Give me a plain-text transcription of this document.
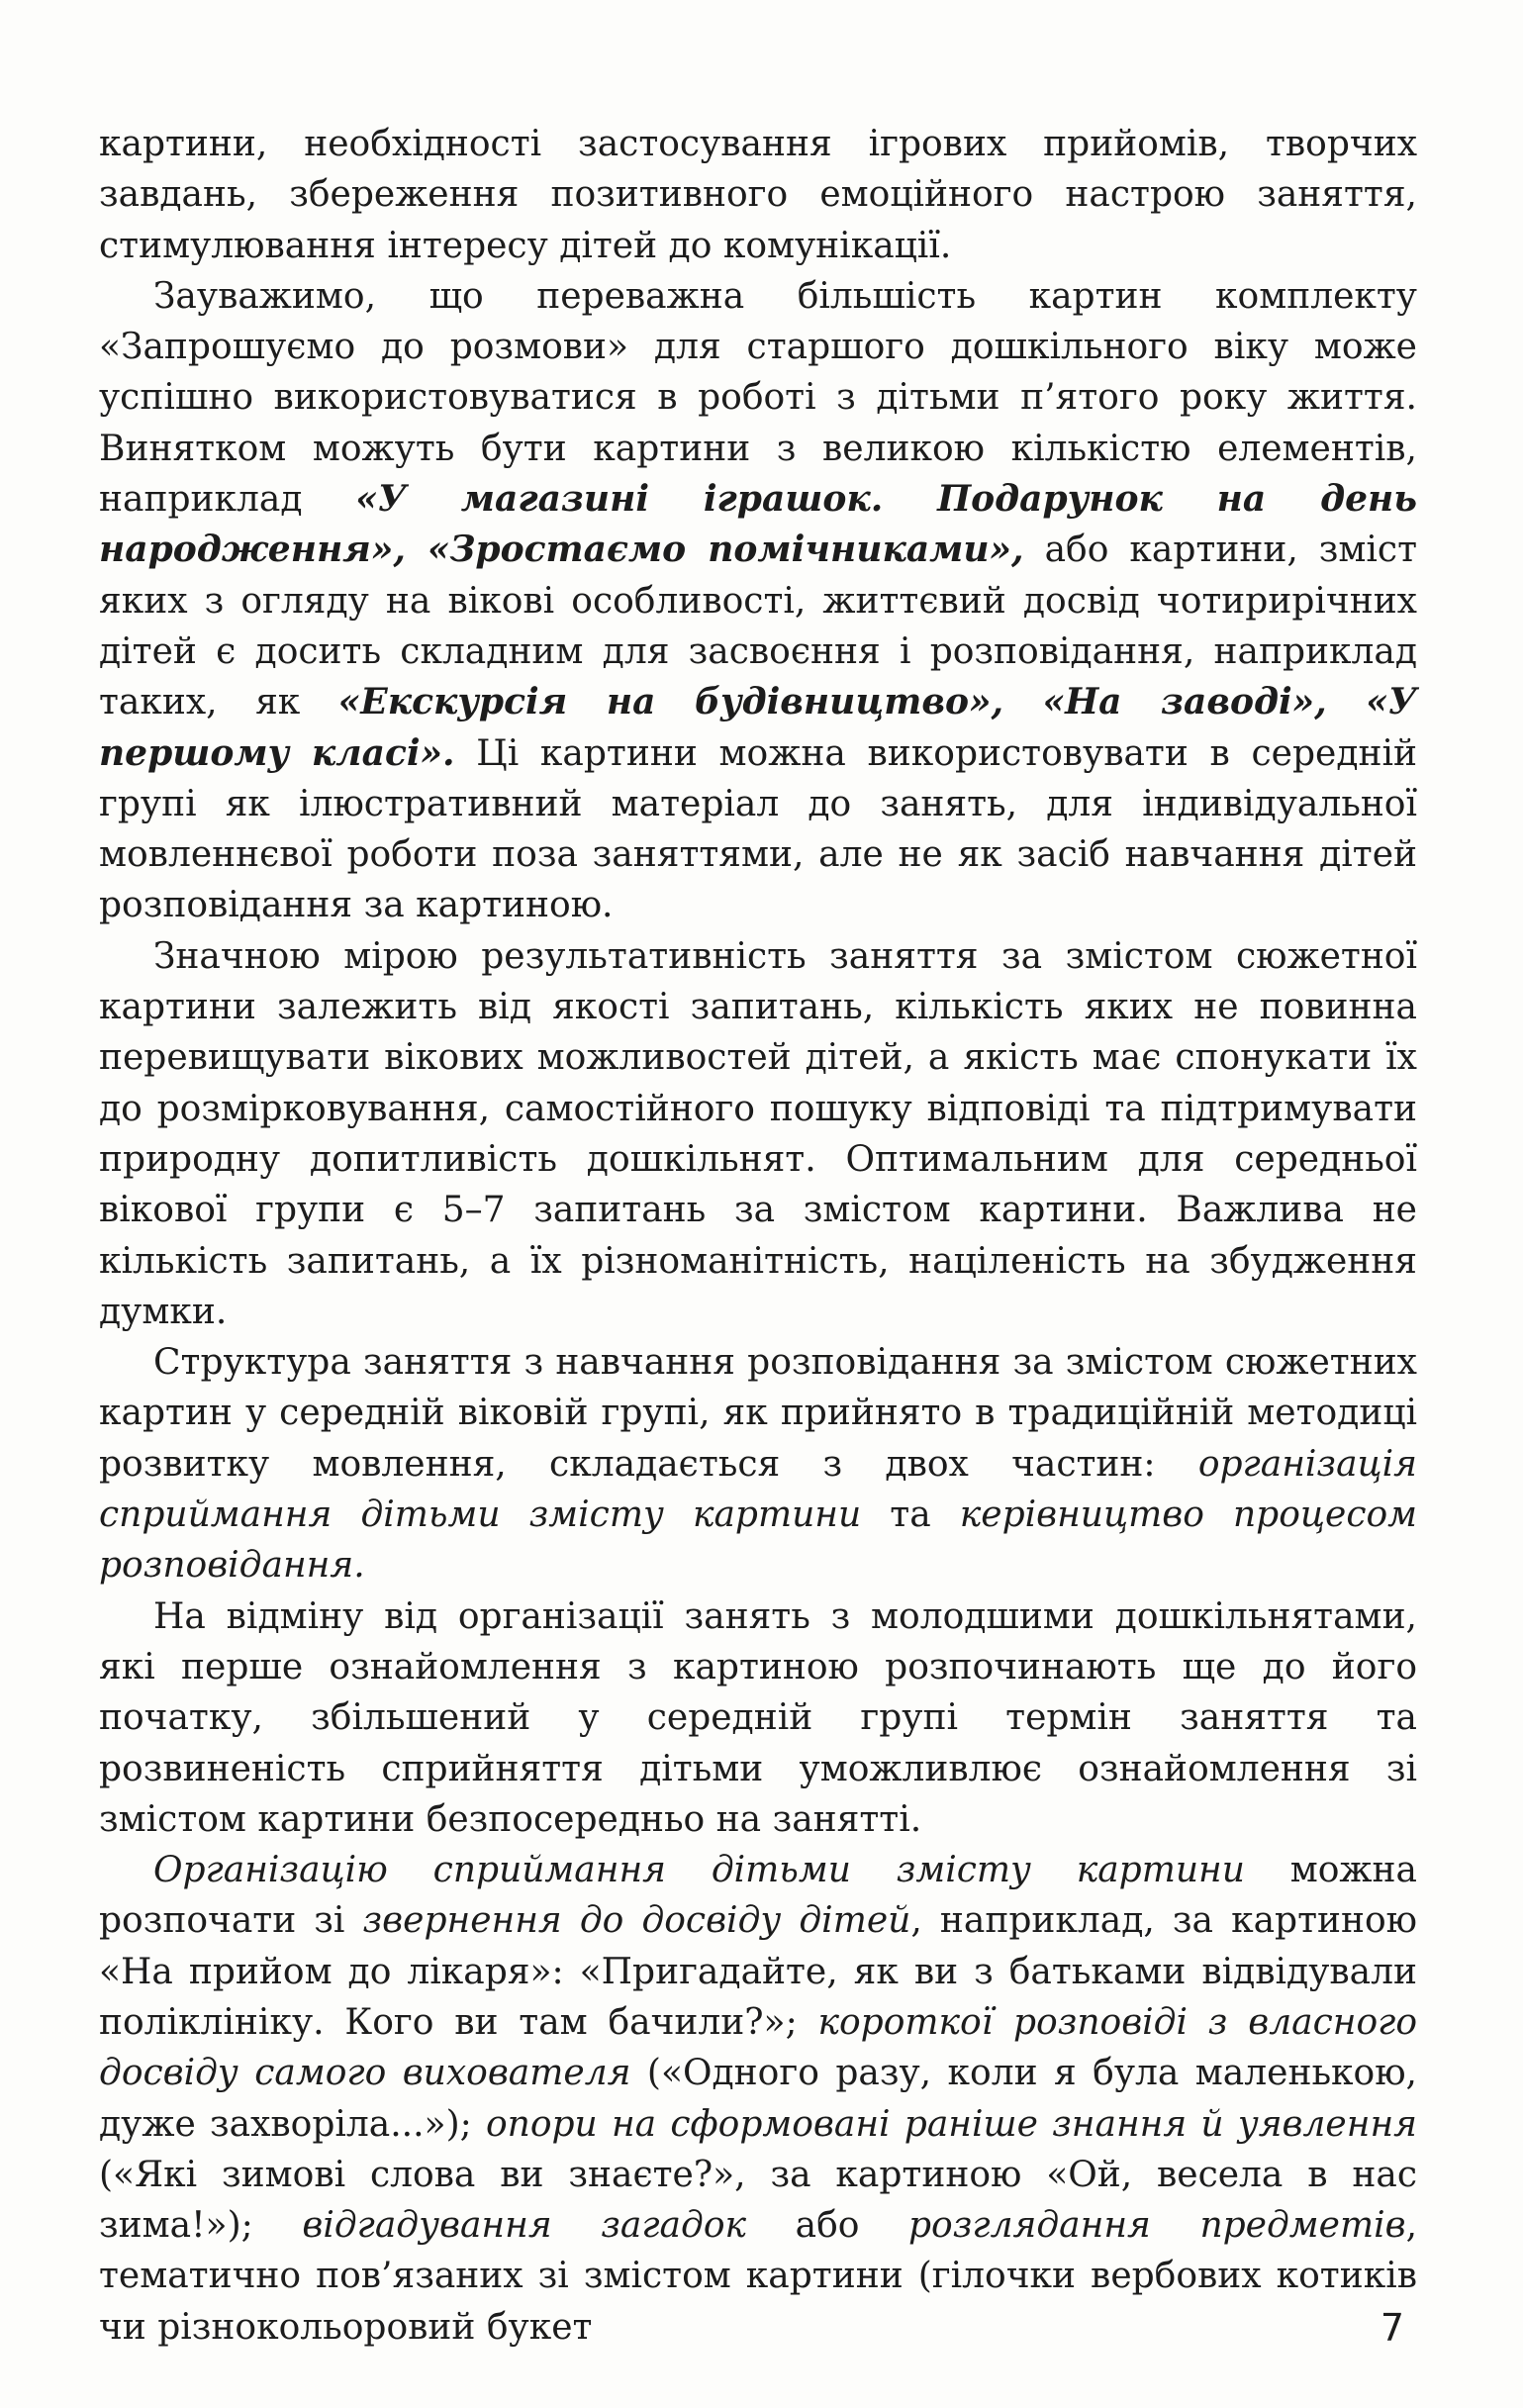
картини, необхідності застосування ігрових прийомів, творчих завдань, збереження позитивного емоційного настрою заняття, стимулювання інтересу дітей до комунікації.

Зауважимо, що переважна більшість картин комплекту «Запрошуємо до розмови» для старшого дошкільного віку може успішно використовуватися в роботі з дітьми п’ятого року життя. Винятком можуть бути картини з великою кількістю елементів, наприклад «У магазині іграшок. Подарунок на день народження», «Зростаємо помічниками», або картини, зміст яких з огляду на вікові особливості, життєвий досвід чотирирічних дітей є досить складним для засвоєння і розповідання, наприклад таких, як «Екскурсія на будівництво», «На заводі», «У першому класі». Ці картини можна використовувати в середній групі як ілюстративний матеріал до занять, для індивідуальної мовленнєвої роботи поза заняттями, але не як засіб навчання дітей розповідання за картиною.

Значною мірою результативність заняття за змістом сюжетної картини залежить від якості запитань, кількість яких не повинна перевищувати вікових можливостей дітей, а якість має спонукати їх до розмірковування, самостійного пошуку відповіді та підтримувати природну допитливість дошкільнят. Оптимальним для середньої вікової групи є 5–7 запитань за змістом картини. Важлива не кількість запитань, а їх різноманітність, націленість на збудження думки.

Структура заняття з навчання розповідання за змістом сюжетних картин у середній віковій групі, як прийнято в традиційній методиці розвитку мовлення, складається з двох частин: організація сприймання дітьми змісту картини та керівництво процесом розповідання.

На відміну від організації занять з молодшими дошкільнятами, які перше ознайомлення з картиною розпочинають ще до його початку, збільшений у середній групі термін заняття та розвиненість сприйняття дітьми уможливлює ознайомлення зі змістом картини безпосередньо на занятті.

Організацію сприймання дітьми змісту картини можна розпочати зі звернення до досвіду дітей, наприклад, за картиною «На прийом до лікаря»: «Пригадайте, як ви з батьками відвідували поліклініку. Кого ви там бачили?»; короткої розповіді з власного досвіду самого вихователя («Одного разу, коли я була маленькою, дуже захворіла...»); опори на сформовані раніше знання й уявлення («Які зимові слова ви знаєте?», за картиною «Ой, весела в нас зима!»); відгадування загадок або розглядання предметів, тематично пов’язаних зі змістом картини (гілочки вербових котиків чи різнокольоровий букет	7
